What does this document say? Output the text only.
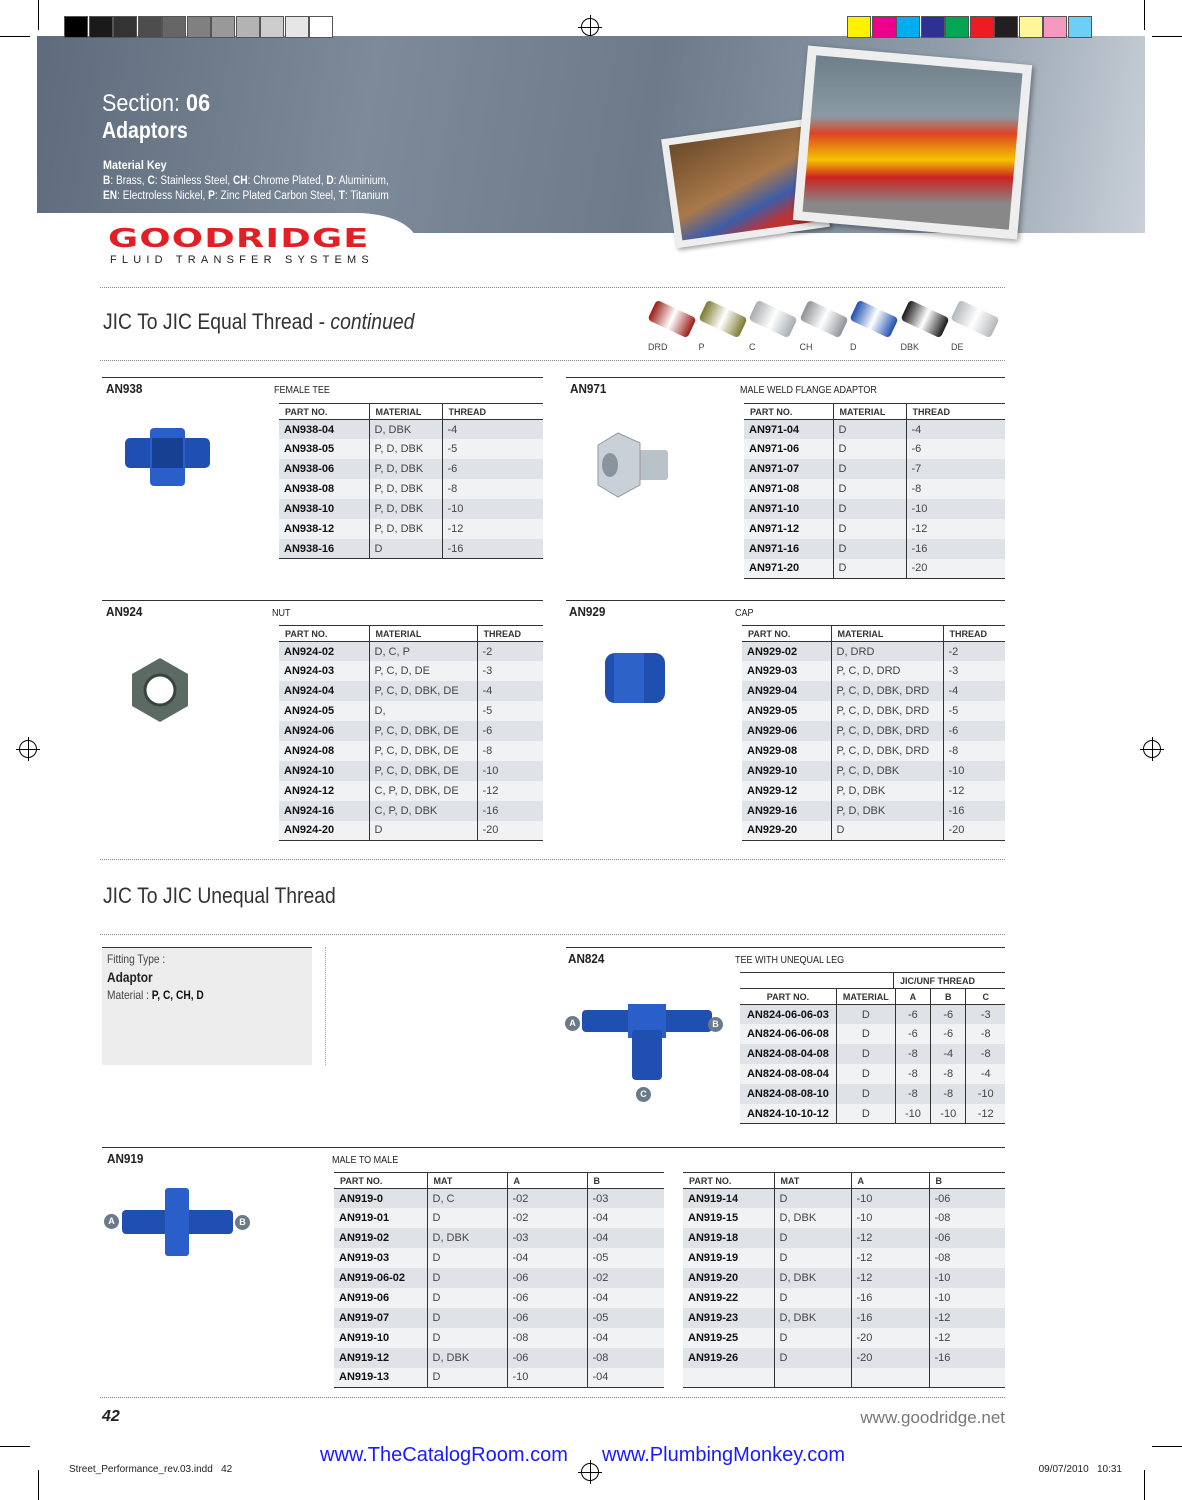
Section: 06
Adaptors
Material Key
B: Brass, C: Stainless Steel, CH: Chrome Plated, D: Aluminium,
EN: Electroless Nickel, P: Zinc Plated Carbon Steel, T: Titanium
GOODRIDGE
FLUID TRANSFER SYSTEMS
JIC To JIC Equal Thread - continued
AN938	FEMALE TEE
PART NO.	MATERIAL	THREAD
AN938-04	D, DBK	-4
AN938-05	P, D, DBK	-5
AN938-06	P, D, DBK	-6
AN938-08	P, D, DBK	-8
AN938-10	P, D, DBK	-10
AN938-12	P, D, DBK	-12
AN938-16	D	-16
AN971	MALE WELD FLANGE ADAPTOR
PART NO.	MATERIAL	THREAD
AN971-04	D	-4
AN971-06	D	-6
AN971-07	D	-7
AN971-08	D	-8
AN971-10	D	-10
AN971-12	D	-12
AN971-16	D	-16
AN971-20	D	-20
AN924	NUT
PART NO.	MATERIAL	THREAD
AN924-02	D, C, P	-2
AN924-03	P, C, D, DE	-3
AN924-04	P, C, D, DBK, DE	-4
AN924-05	D,	-5
AN924-06	P, C, D, DBK, DE	-6
AN924-08	P, C, D, DBK, DE	-8
AN924-10	P, C, D, DBK, DE	-10
AN924-12	C, P, D, DBK, DE	-12
AN924-16	C, P, D, DBK	-16
AN924-20	D	-20
AN929	CAP
PART NO.	MATERIAL	THREAD
AN929-02	D, DRD	-2
AN929-03	P, C, D, DRD	-3
AN929-04	P, C, D, DBK, DRD	-4
AN929-05	P, C, D, DBK, DRD	-5
AN929-06	P, C, D, DBK, DRD	-6
AN929-08	P, C, D, DBK, DRD	-8
AN929-10	P, C, D, DBK	-10
AN929-12	P, D, DBK	-12
AN929-16	P, D, DBK	-16
AN929-20	D	-20
JIC To JIC Unequal Thread
Fitting Type :
Adaptor
Material : P, C, CH, D
AN824	TEE WITH UNEQUAL LEG
A	B
C
JIC/UNF THREAD
PART NO.	MATERIAL	A	B	C
AN824-06-06-03	D	-6	-6	-3
AN824-06-06-08	D	-6	-6	-8
AN824-08-04-08	D	-8	-4	-8
AN824-08-08-04	D	-8	-8	-4
AN824-08-08-10	D	-8	-8	-10
AN824-10-10-12	D	-10	-10	-12
AN919	MALE TO MALE
A	B
PART NO.	MAT	A	B
AN919-0	D, C	-02	-03
AN919-01	D	-02	-04
AN919-02	D, DBK	-03	-04
AN919-03	D	-04	-05
AN919-06-02	D	-06	-02
AN919-06	D	-06	-04
AN919-07	D	-06	-05
AN919-10	D	-08	-04
AN919-12	D, DBK	-06	-08
AN919-13	D	-10	-04
PART NO.	MAT	A	B
AN919-14	D	-10	-06
AN919-15	D, DBK	-10	-08
AN919-18	D	-12	-06
AN919-19	D	-12	-08
AN919-20	D, DBK	-12	-10
AN919-22	D	-16	-10
AN919-23	D, DBK	-16	-12
AN919-25	D	-20	-12
AN919-26	D	-20	-16

42	www.goodridge.net
www.TheCatalogRoom.com www.PlumbingMonkey.com
Street_Performance_rev.03.indd   42	09/07/2010   10:31
DRD	P	C	CH	D	DBK	DE
